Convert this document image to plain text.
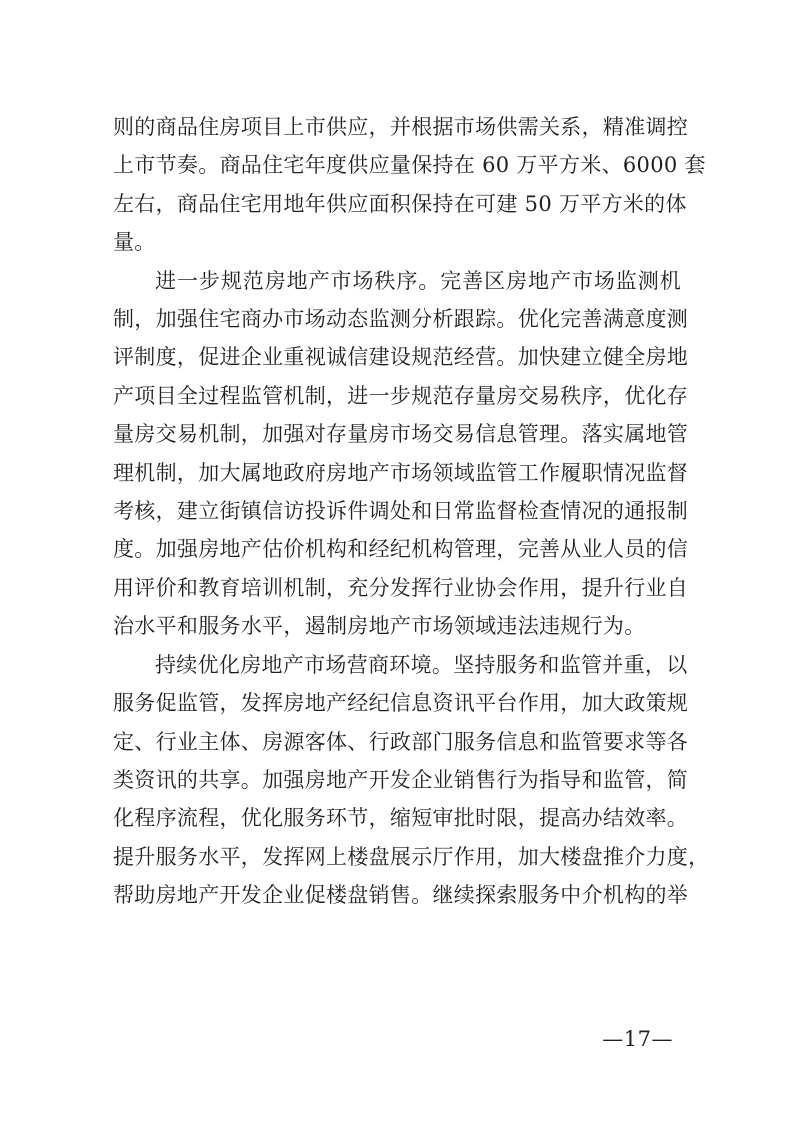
则的商品住房项目上市供应，并根据市场供需关系，精准调控
上市节奏。商品住宅年度供应量保持在 60 万平方米、6000 套
左右，商品住宅用地年供应面积保持在可建 50 万平方米的体
量。

进一步规范房地产市场秩序。完善区房地产市场监测机
制，加强住宅商办市场动态监测分析跟踪。优化完善满意度测
评制度，促进企业重视诚信建设规范经营。加快建立健全房地
产项目全过程监管机制，进一步规范存量房交易秩序，优化存
量房交易机制，加强对存量房市场交易信息管理。落实属地管
理机制，加大属地政府房地产市场领域监管工作履职情况监督
考核，建立街镇信访投诉件调处和日常监督检查情况的通报制
度。加强房地产估价机构和经纪机构管理，完善从业人员的信
用评价和教育培训机制，充分发挥行业协会作用，提升行业自
治水平和服务水平，遏制房地产市场领域违法违规行为。

持续优化房地产市场营商环境。坚持服务和监管并重，以
服务促监管，发挥房地产经纪信息资讯平台作用，加大政策规
定、行业主体、房源客体、行政部门服务信息和监管要求等各
类资讯的共享。加强房地产开发企业销售行为指导和监管，简
化程序流程，优化服务环节，缩短审批时限，提高办结效率。
提升服务水平，发挥网上楼盘展示厅作用，加大楼盘推介力度，
帮助房地产开发企业促楼盘销售。继续探索服务中介机构的举

—17—
